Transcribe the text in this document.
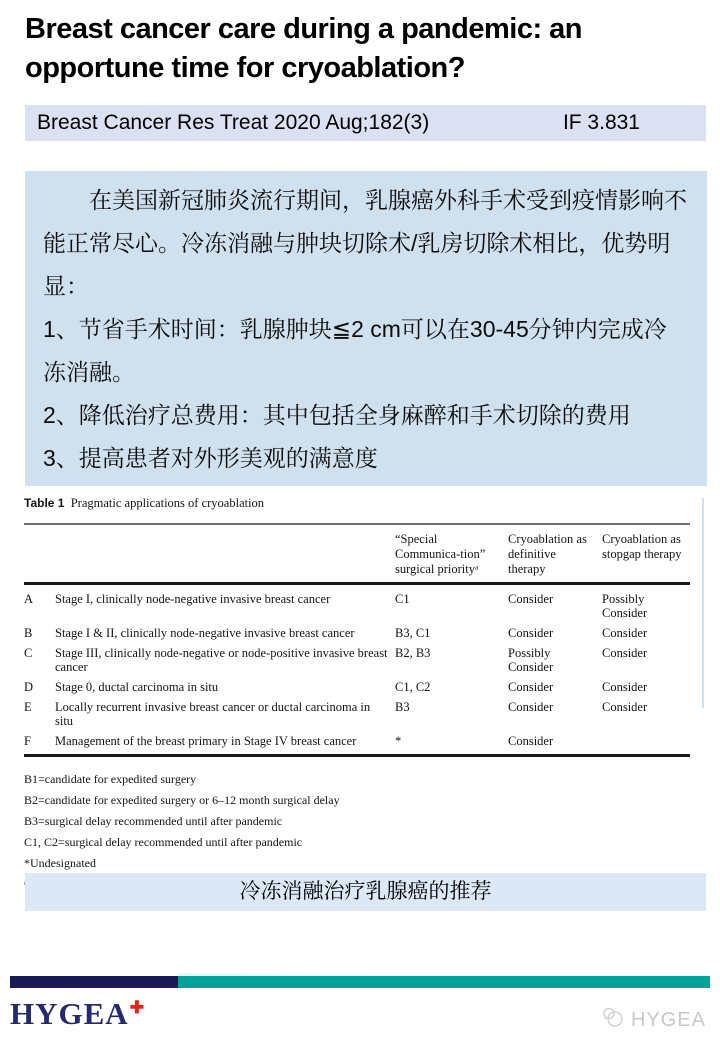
Breast cancer care during a pandemic: an
opportune time for cryoablation?
Breast Cancer Res Treat 2020 Aug;182(3)	IF 3.831

在美国新冠肺炎流行期间，乳腺癌外科手术受到疫情影响不能正常尽心。冷冻消融与肿块切除术/乳房切除术相比，优势明显：

1、节省手术时间：乳腺肿块≦2 cm可以在30-45分钟内完成冷冻消融。

2、降低治疗总费用：其中包括全身麻醉和手术切除的费用

3、提高患者对外形美观的满意度

Table 1 Pragmatic applications of cryoablation

		“Special Communica-tion” surgical priorityᵃ	Cryoablation as definitive therapy	Cryoablation as stopgap therapy
A	Stage I, clinically node-negative invasive breast cancer	C1	Consider	Possibly Consider
B	Stage I & II, clinically node-negative invasive breast cancer	B3, C1	Consider	Consider
C	Stage III, clinically node-negative or node-positive invasive breast cancer	B2, B3	Possibly Consider	Consider
D	Stage 0, ductal carcinoma in situ	C1, C2	Consider	Consider
E	Locally recurrent invasive breast cancer or ductal carcinoma in situ	B3	Consider	Consider
F	Management of the breast primary in Stage IV breast cancer	*	Consider	
B1=candidate for expedited surgery
B2=candidate for expedited surgery or 6–12 month surgical delay
B3=surgical delay recommended until after pandemic
C1, C2=surgical delay recommended until after pandemic
*Undesignated
冷冻消融治疗乳腺癌的推荐
HYGEA✚
HYGEA
